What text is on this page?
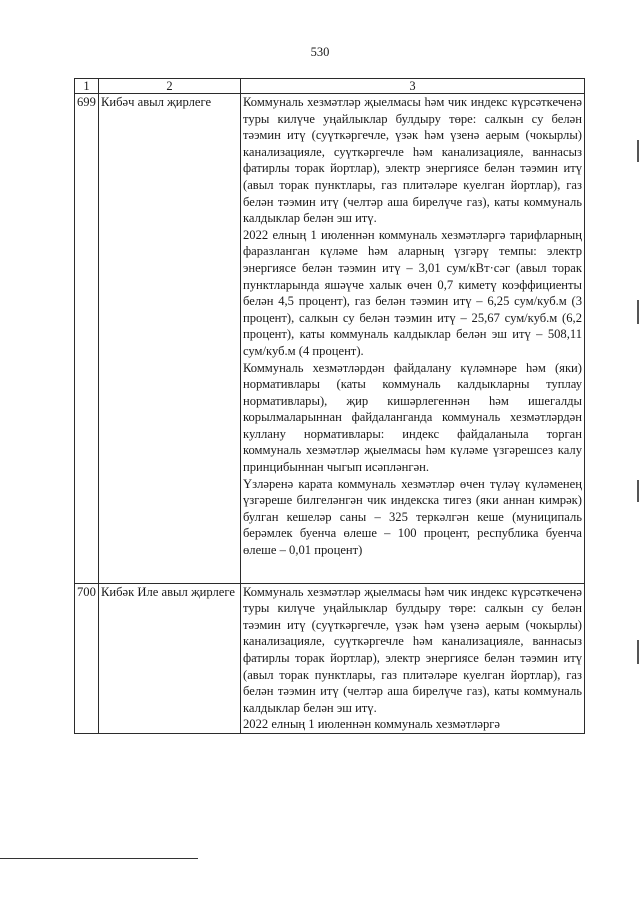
530
1	2	3
699	Кибәч авыл җирлеге	Коммуналь хезмәтләр җыелмасы һәм чик индекс күрсәткеченә туры килүче уңайлыклар булдыру төре: салкын су белән тәэмин итү (суүткәргечле, үзәк һәм үзенә аерым (чокырлы) канализацияле, суүткәргечле һәм канализацияле, ваннасыз фатирлы торак йортлар), электр энергиясе белән тәэмин итү (авыл торак пунктлары, газ плитәләре куелган йортлар), газ белән тәэмин итү (челтәр аша бирелүче газ), каты коммуналь калдыклар белән эш итү.

2022 елның 1 июленнән коммуналь хезмәтләргә тарифларның фаразланган күләме һәм аларның үзгәрү темпы: электр энергиясе белән тәэмин итү – 3,01 сум/кВт·сәг (авыл торак пунктларында яшәүче халык өчен 0,7 киметү коэффициенты белән 4,5 процент), газ белән тәэмин итү – 6,25 сум/куб.м (3 процент), салкын су белән тәэмин итү – 25,67 сум/куб.м (6,2 процент), каты коммуналь калдыклар белән эш итү – 508,11 сум/куб.м (4 процент).

Коммуналь хезмәтләрдән файдалану күләмнәре һәм (яки) нормативлары (каты коммуналь калдыкларны туплау нормативлары), җир кишәрлегеннән һәм ишегалды корылмаларыннан файдаланганда коммуналь хезмәтләрдән куллану нормативлары: индекс файдаланыла торган коммуналь хезмәтләр җыелмасы һәм күләме үзгәрешсез калу принцибыннан чыгып исәпләнгән.

Үзләренә карата коммуналь хезмәтләр өчен түләү күләменең үзгәреше билгеләнгән чик индекска тигез (яки аннан кимрәк) булган кешеләр саны – 325 теркәлгән кеше (муниципаль берәмлек буенча өлеше – 100 процент, республика буенча өлеше – 0,01 процент)

700	Кибәк Иле авыл җирлеге	Коммуналь хезмәтләр җыелмасы һәм чик индекс күрсәткеченә туры килүче уңайлыклар булдыру төре: салкын су белән тәэмин итү (суүткәргечле, үзәк һәм үзенә аерым (чокырлы) канализацияле, суүткәргечле һәм канализацияле, ваннасыз фатирлы торак йортлар), электр энергиясе белән тәэмин итү (авыл торак пунктлары, газ плитәләре куелган йортлар), газ белән тәэмин итү (челтәр аша бирелүче газ), каты коммуналь калдыклар белән эш итү.

2022 елның 1 июленнән коммуналь хезмәтләргә
